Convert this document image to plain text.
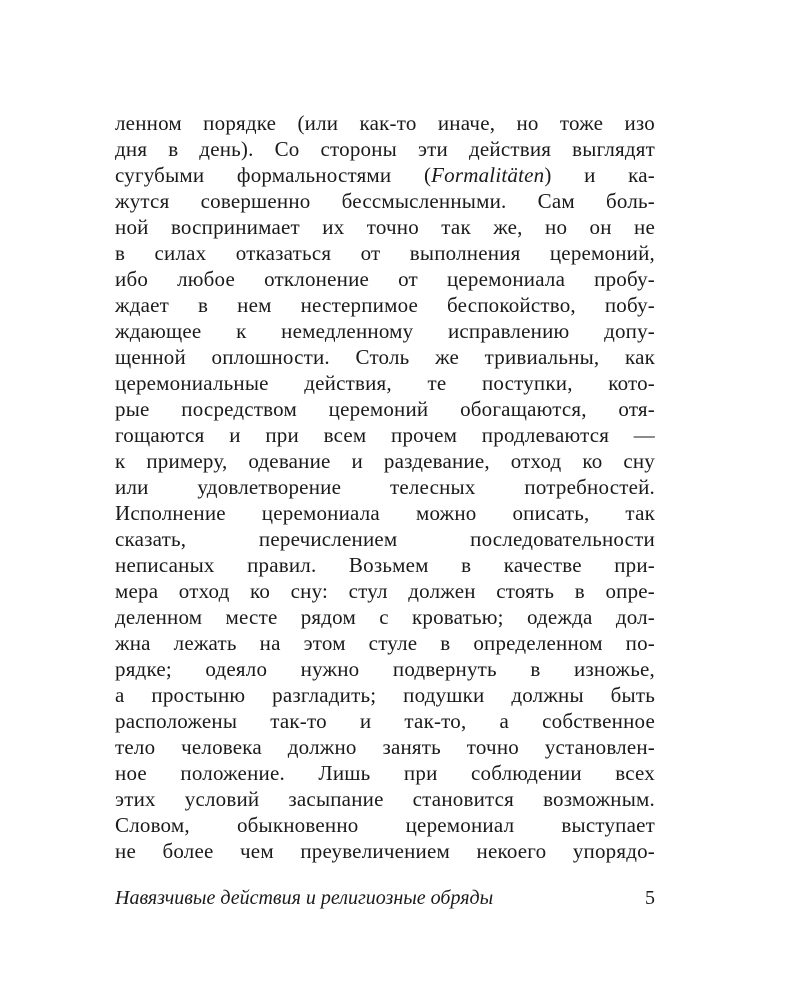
ленном порядке (или как-то иначе, но тоже изо
дня в день). Со стороны эти действия выглядят
сугубыми формальностями (Formalitäten) и ка-
жутся совершенно бессмысленными. Сам боль-
ной воспринимает их точно так же, но он не
в силах отказаться от выполнения церемоний,
ибо любое отклонение от церемониала пробу-
ждает в нем нестерпимое беспокойство, побу-
ждающее к немедленному исправлению допу-
щенной оплошности. Столь же тривиальны, как
церемониальные действия, те поступки, кото-
рые посредством церемоний обогащаются, отя-
гощаются и при всем прочем продлеваются —
к примеру, одевание и раздевание, отход ко сну
или удовлетворение телесных потребностей.
Исполнение церемониала можно описать, так
сказать, перечислением последовательности
неписаных правил. Возьмем в качестве при-
мера отход ко сну: стул должен стоять в опре-
деленном месте рядом с кроватью; одежда дол-
жна лежать на этом стуле в определенном по-
рядке; одеяло нужно подвернуть в изножье,
а простыню разгладить; подушки должны быть
расположены так-то и так-то, а собственное
тело человека должно занять точно установлен-
ное положение. Лишь при соблюдении всех
этих условий засыпание становится возможным.
Словом, обыкновенно церемониал выступает
не более чем преувеличением некоего упорядо-
Навязчивые действия и религиозные обряды	5
